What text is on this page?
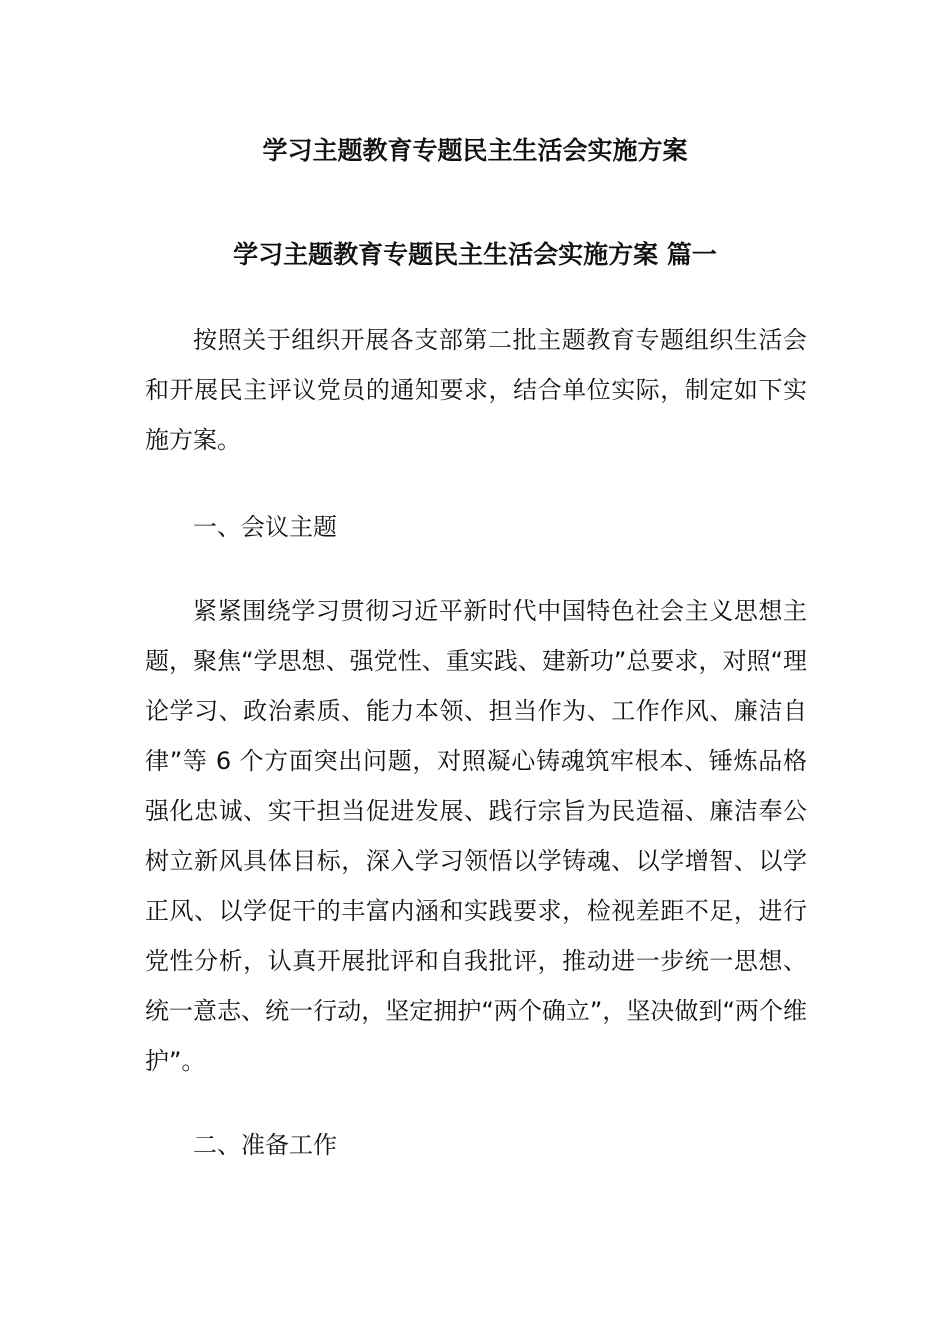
学习主题教育专题民主生活会实施方案
学习主题教育专题民主生活会实施方案 篇一

按照关于组织开展各支部第二批主题教育专题组织生活会和开展民主评议党员的通知要求，结合单位实际，制定如下实施方案。

一、会议主题

紧紧围绕学习贯彻习近平新时代中国特色社会主义思想主题，聚焦“学思想、强党性、重实践、建新功”总要求，对照“理论学习、政治素质、能力本领、担当作为、工作作风、廉洁自律”等 6 个方面突出问题，对照凝心铸魂筑牢根本、锤炼品格强化忠诚、实干担当促进发展、践行宗旨为民造福、廉洁奉公树立新风具体目标，深入学习领悟以学铸魂、以学增智、以学正风、以学促干的丰富内涵和实践要求，检视差距不足，进行党性分析，认真开展批评和自我批评，推动进一步统一思想、统一意志、统一行动，坚定拥护“两个确立”，坚决做到“两个维护”。

二、准备工作
